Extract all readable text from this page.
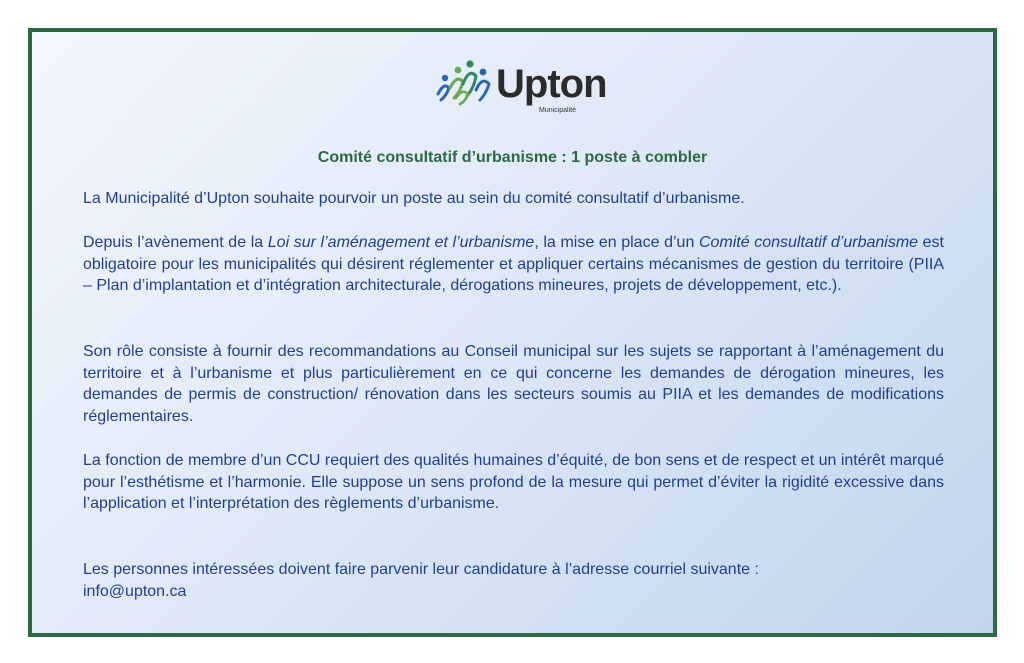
Upton
Municipalité
Comité consultatif d’urbanisme : 1 poste à combler

La Municipalité d’Upton souhaite pourvoir un poste au sein du comité consultatif d’urbanisme.

Depuis l’avènement de la Loi sur l’aménagement et l’urbanisme, la mise en place d’un Comité consultatif d’urbanisme est obligatoire pour les municipalités qui désirent réglementer et appliquer certains mécanismes de gestion du territoire (PIIA – Plan d’implantation et d’intégration architecturale, dérogations mineures, projets de développement, etc.).

Son rôle consiste à fournir des recommandations au Conseil municipal sur les sujets se rapportant à l’aménagement du territoire et à l’urbanisme et plus particulièrement en ce qui concerne les demandes de dérogation mineures, les demandes de permis de construction/ rénovation dans les secteurs soumis au PIIA et les demandes de modifications réglementaires.

La fonction de membre d’un CCU requiert des qualités humaines d’équité, de bon sens et de respect et un intérêt marqué pour l’esthétisme et l’harmonie. Elle suppose un sens profond de la mesure qui permet d’éviter la rigidité excessive dans l’application et l’interprétation des règlements d’urbanisme.

Les personnes intéressées doivent faire parvenir leur candidature à l’adresse courriel suivante :
info@upton.ca
